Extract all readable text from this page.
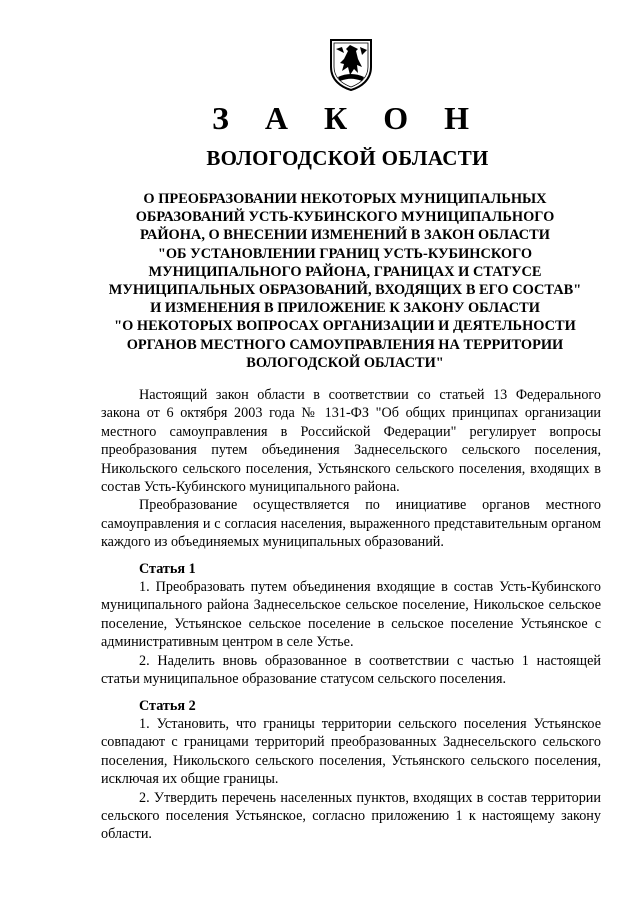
З А К О Н
ВОЛОГОДСКОЙ ОБЛАСТИ
О ПРЕОБРАЗОВАНИИ НЕКОТОРЫХ МУНИЦИПАЛЬНЫХ
ОБРАЗОВАНИЙ УСТЬ-КУБИНСКОГО МУНИЦИПАЛЬНОГО
РАЙОНА, О ВНЕСЕНИИ ИЗМЕНЕНИЙ В ЗАКОН ОБЛАСТИ
"ОБ УСТАНОВЛЕНИИ ГРАНИЦ УСТЬ-КУБИНСКОГО
МУНИЦИПАЛЬНОГО РАЙОНА, ГРАНИЦАХ И СТАТУСЕ
МУНИЦИПАЛЬНЫХ ОБРАЗОВАНИЙ, ВХОДЯЩИХ В ЕГО СОСТАВ"
И ИЗМЕНЕНИЯ В ПРИЛОЖЕНИЕ К ЗАКОНУ ОБЛАСТИ
"О НЕКОТОРЫХ ВОПРОСАХ ОРГАНИЗАЦИИ И ДЕЯТЕЛЬНОСТИ
ОРГАНОВ МЕСТНОГО САМОУПРАВЛЕНИЯ НА ТЕРРИТОРИИ
ВОЛОГОДСКОЙ ОБЛАСТИ"

Настоящий закон области в соответствии со статьей 13 Федерального закона от 6 октября 2003 года № 131-ФЗ "Об общих принципах организации местного самоуправления в Российской Федерации" регулирует вопросы преобразования путем объединения Заднесельского сельского поселения, Никольского сельского поселения, Устьянского сельского поселения, входящих в состав Усть-Кубинского муниципального района.

Преобразование осуществляется по инициативе органов местного самоуправления и с согласия населения, выраженного представительным органом каждого из объединяемых муниципальных образований.

Статья 1

1. Преобразовать путем объединения входящие в состав Усть-Кубинского муниципального района Заднесельское сельское поселение, Никольское сельское поселение, Устьянское сельское поселение в сельское поселение Устьянское с административным центром в селе Устье.

2. Наделить вновь образованное в соответствии с частью 1 настоящей статьи муниципальное образование статусом сельского поселения.

Статья 2

1. Установить, что границы территории сельского поселения Устьянское совпадают с границами территорий преобразованных Заднесельского сельского поселения, Никольского сельского поселения, Устьянского сельского поселения, исключая их общие границы.

2. Утвердить перечень населенных пунктов, входящих в состав территории сельского поселения Устьянское, согласно приложению 1 к настоящему закону области.
